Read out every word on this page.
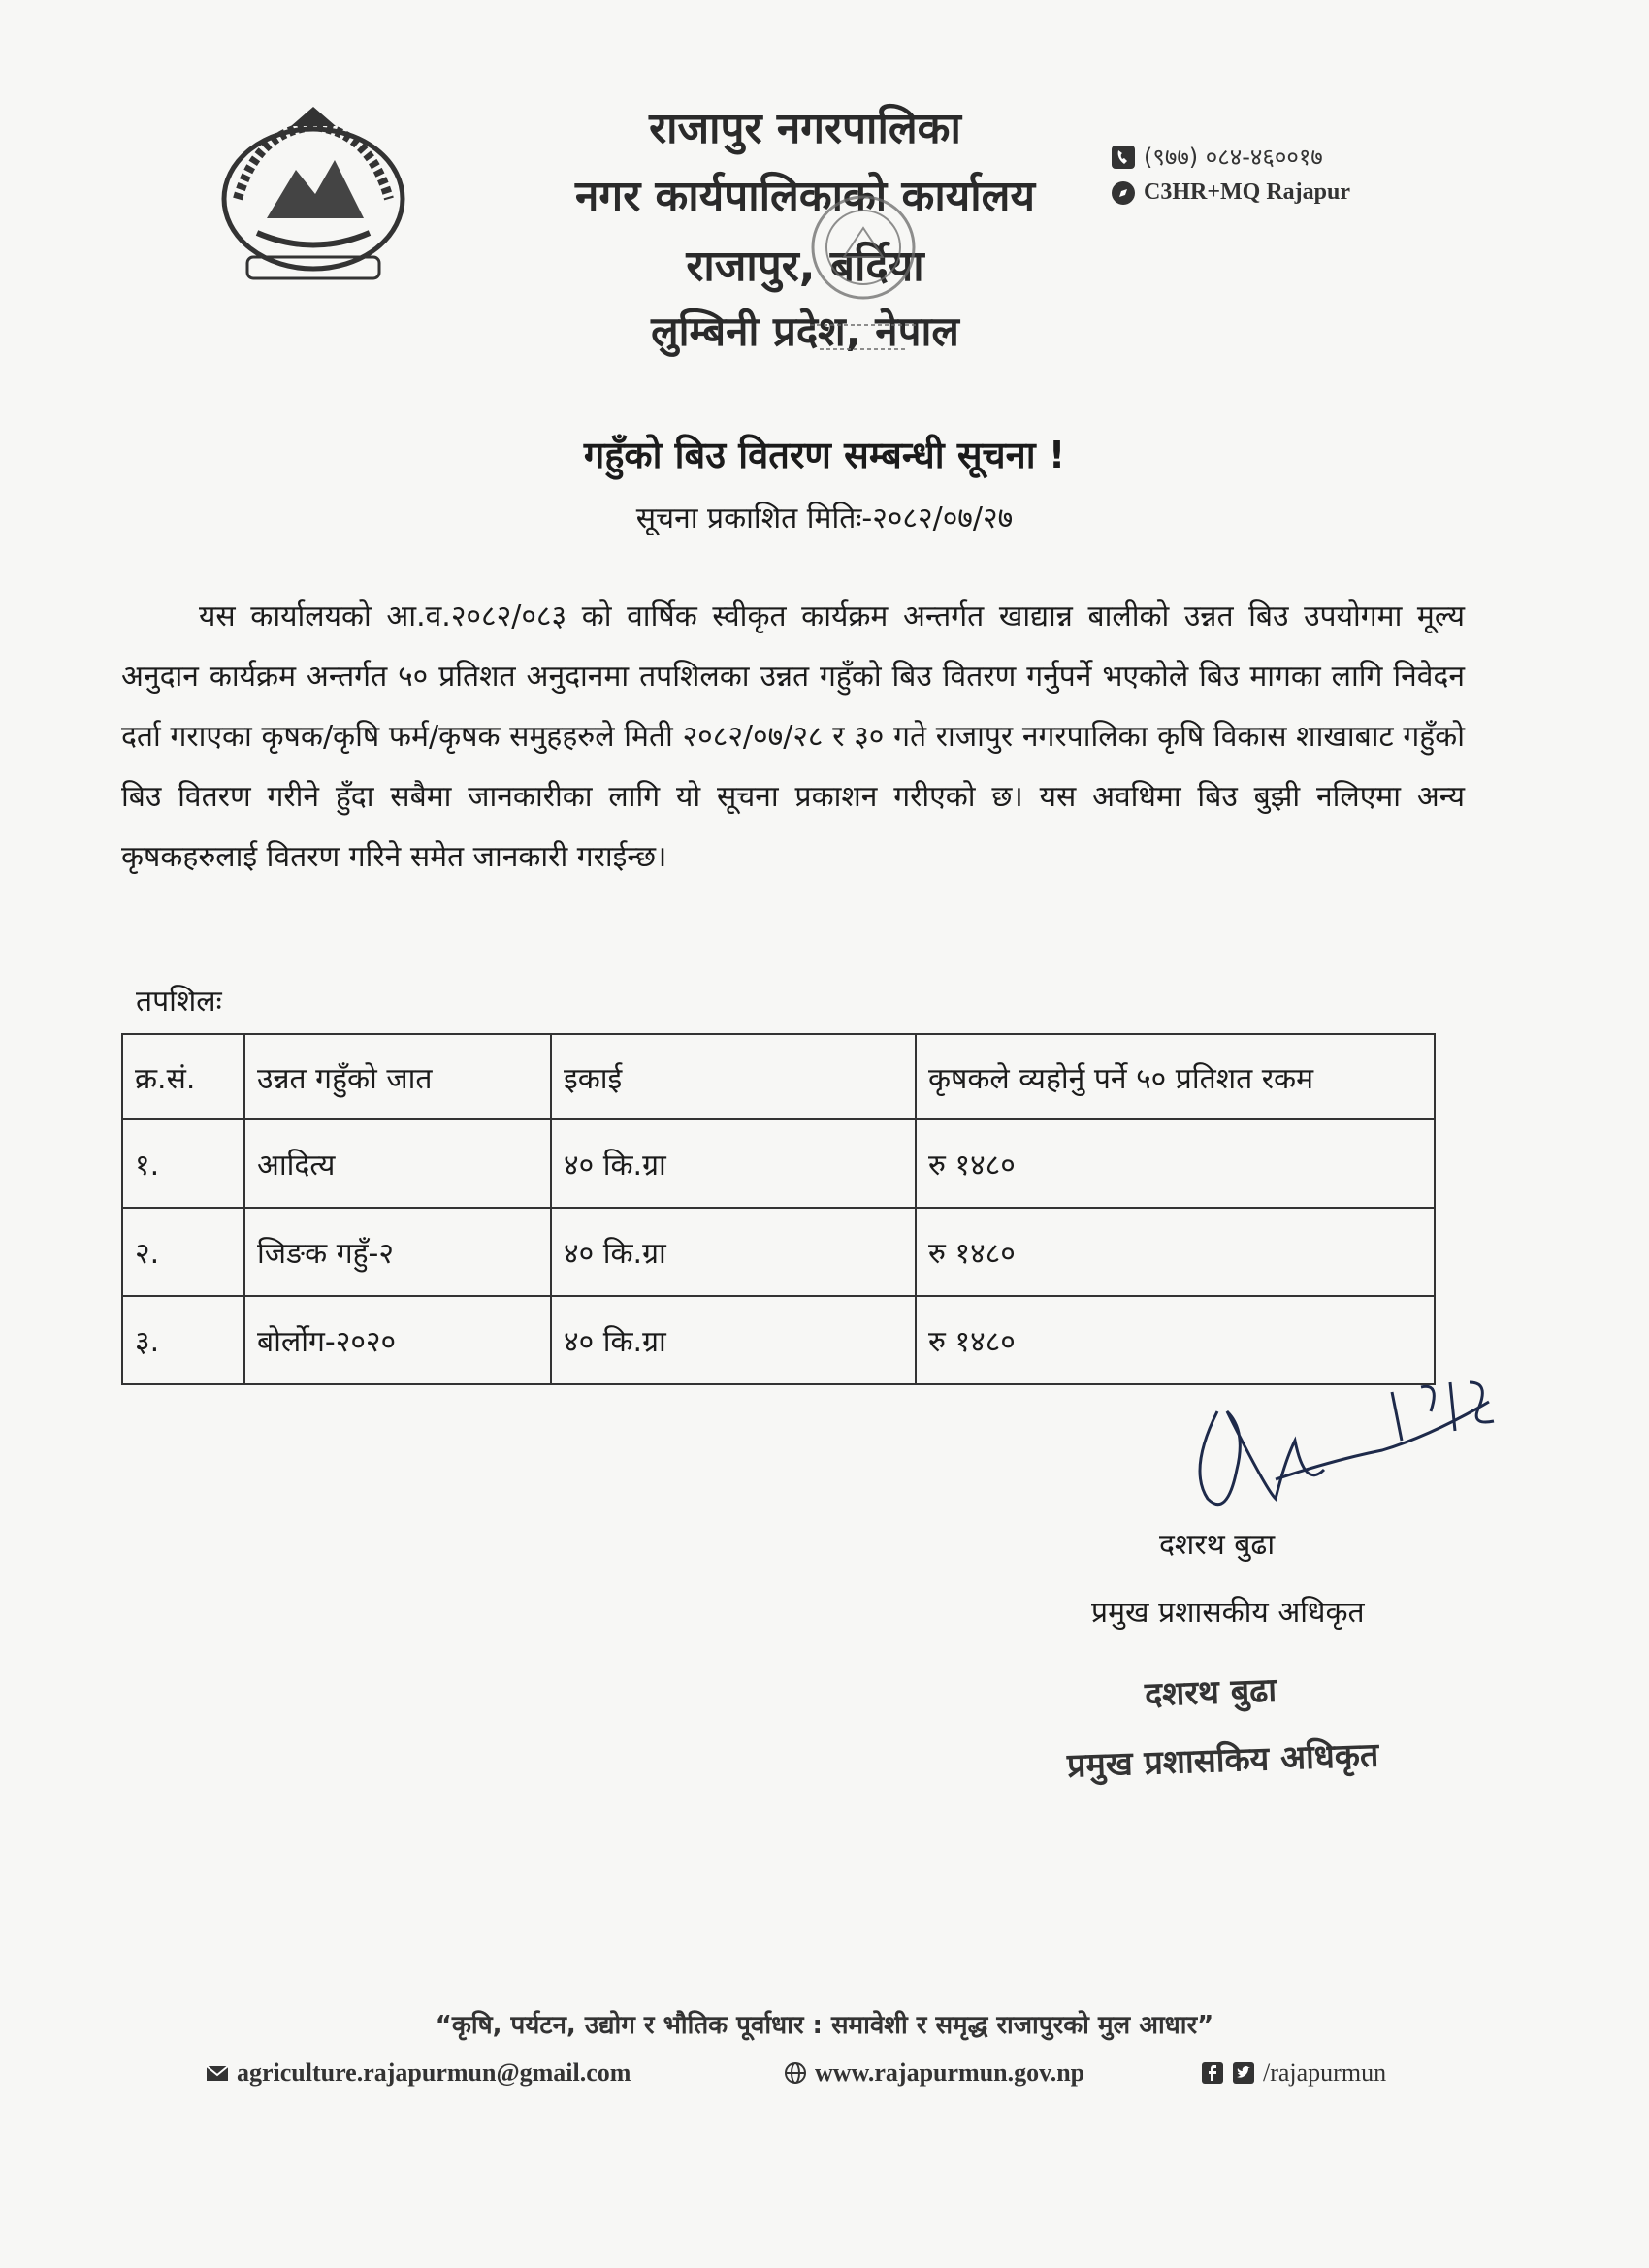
राजापुर नगरपालिका
नगर कार्यपालिकाको कार्यालय
राजापुर, बर्दिया
लुम्बिनी प्रदेश, नेपाल
(९७७) ०८४-४६००१७
C3HR+MQ Rajapur
गहुँको बिउ वितरण सम्बन्धी सूचना !
सूचना प्रकाशित मितिः-२०८२/०७/२७
यस कार्यालयको आ.व.२०८२/०८३ को वार्षिक स्वीकृत कार्यक्रम अन्तर्गत खाद्यान्न बालीको उन्नत बिउ उपयोगमा मूल्य अनुदान कार्यक्रम अन्तर्गत ५० प्रतिशत अनुदानमा तपशिलका उन्नत गहुँको बिउ वितरण गर्नुपर्ने भएकोले बिउ मागका लागि निवेदन दर्ता गराएका कृषक/कृषि फर्म/कृषक समुहहरुले मिती २०८२/०७/२८ र ३० गते राजापुर नगरपालिका कृषि विकास शाखाबाट गहुँको बिउ वितरण गरीने हुँदा सबैमा जानकारीका लागि यो सूचना प्रकाशन गरीएको छ। यस अवधिमा बिउ बुझी नलिएमा अन्य कृषकहरुलाई वितरण गरिने समेत जानकारी गराईन्छ।
तपशिलः
क्र.सं.	उन्नत गहुँको जात	इकाई	कृषकले व्यहोर्नु पर्ने ५० प्रतिशत रकम
१.	आदित्य	४० कि.ग्रा	रु १४८०
२.	जिङक गहुँ-२	४० कि.ग्रा	रु १४८०
३.	बोर्लोग-२०२०	४० कि.ग्रा	रु १४८०
दशरथ बुढा
प्रमुख प्रशासकीय अधिकृत
दशरथ बुढा
प्रमुख प्रशासकिय अधिकृत
“कृषि, पर्यटन, उद्योग र भौतिक पूर्वाधार : समावेशी र समृद्ध राजापुरको मुल आधार”
agriculture.rajapurmun@gmail.com	www.rajapurmun.gov.np	/rajapurmun
